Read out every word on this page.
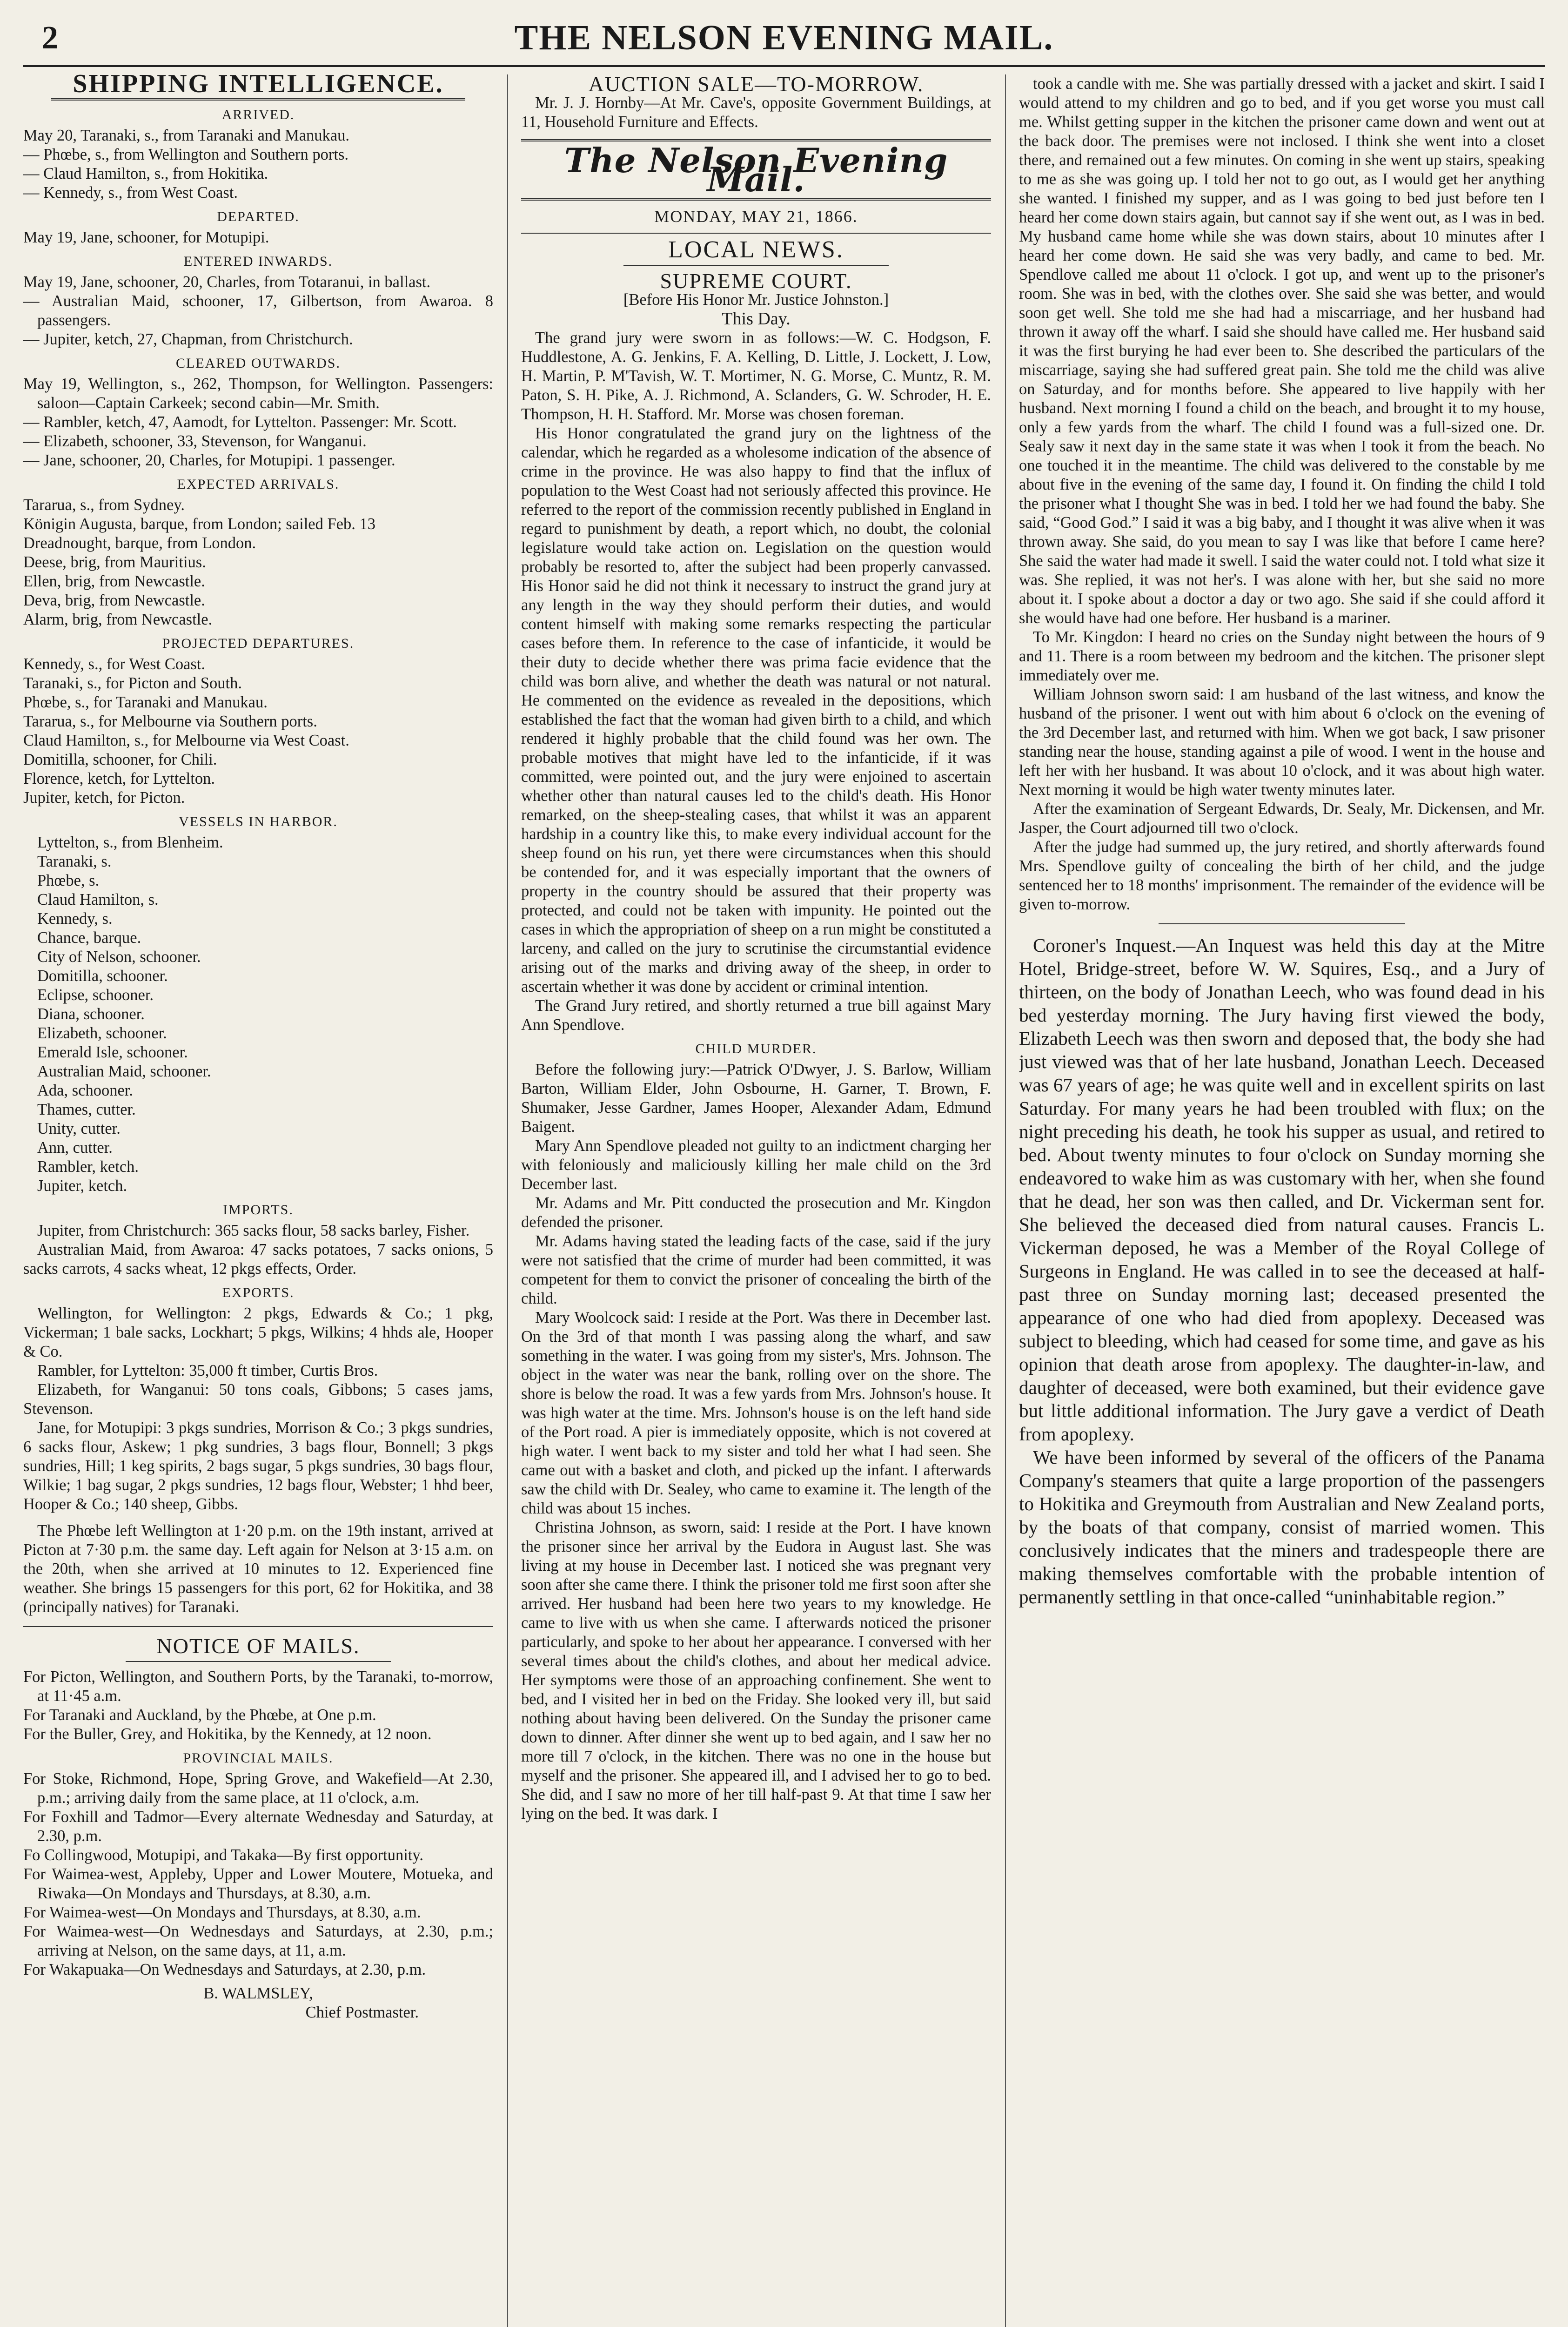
2	THE NELSON EVENING MAIL.
SHIPPING INTELLIGENCE.
ARRIVED.

May 20, Taranaki, s., from Taranaki and Manukau.

— Phœbe, s., from Wellington and Southern ports.

— Claud Hamilton, s., from Hokitika.

— Kennedy, s., from West Coast.

DEPARTED.

May 19, Jane, schooner, for Motupipi.

ENTERED INWARDS.

May 19, Jane, schooner, 20, Charles, from Totaranui, in ballast.

— Australian Maid, schooner, 17, Gilbertson, from Awaroa. 8 passengers.

— Jupiter, ketch, 27, Chapman, from Christchurch.

CLEARED OUTWARDS.

May 19, Wellington, s., 262, Thompson, for Wellington. Passengers: saloon—Captain Carkeek; second cabin—Mr. Smith.

— Rambler, ketch, 47, Aamodt, for Lyttelton. Passenger: Mr. Scott.

— Elizabeth, schooner, 33, Stevenson, for Wanganui.

— Jane, schooner, 20, Charles, for Motupipi. 1 passenger.

EXPECTED ARRIVALS.

Tararua, s., from Sydney.

Königin Augusta, barque, from London; sailed Feb. 13

Dreadnought, barque, from London.

Deese, brig, from Mauritius.

Ellen, brig, from Newcastle.

Deva, brig, from Newcastle.

Alarm, brig, from Newcastle.

PROJECTED DEPARTURES.

Kennedy, s., for West Coast.

Taranaki, s., for Picton and South.

Phœbe, s., for Taranaki and Manukau.

Tararua, s., for Melbourne via Southern ports.

Claud Hamilton, s., for Melbourne via West Coast.

Domitilla, schooner, for Chili.

Florence, ketch, for Lyttelton.

Jupiter, ketch, for Picton.

VESSELS IN HARBOR.

Lyttelton, s., from Blenheim.

Taranaki, s.

Phœbe, s.

Claud Hamilton, s.

Kennedy, s.

Chance, barque.

City of Nelson, schooner.

Domitilla, schooner.

Eclipse, schooner.

Diana, schooner.

Elizabeth, schooner.

Emerald Isle, schooner.

Australian Maid, schooner.

Ada, schooner.

Thames, cutter.

Unity, cutter.

Ann, cutter.

Rambler, ketch.

Jupiter, ketch.

IMPORTS.

Jupiter, from Christchurch: 365 sacks flour, 58 sacks barley, Fisher.

Australian Maid, from Awaroa: 47 sacks potatoes, 7 sacks onions, 5 sacks carrots, 4 sacks wheat, 12 pkgs effects, Order.

EXPORTS.

Wellington, for Wellington: 2 pkgs, Edwards & Co.; 1 pkg, Vickerman; 1 bale sacks, Lockhart; 5 pkgs, Wilkins; 4 hhds ale, Hooper & Co.

Rambler, for Lyttelton: 35,000 ft timber, Curtis Bros.

Elizabeth, for Wanganui: 50 tons coals, Gibbons; 5 cases jams, Stevenson.

Jane, for Motupipi: 3 pkgs sundries, Morrison & Co.; 3 pkgs sundries, 6 sacks flour, Askew; 1 pkg sundries, 3 bags flour, Bonnell; 3 pkgs sundries, Hill; 1 keg spirits, 2 bags sugar, 5 pkgs sundries, 30 bags flour, Wilkie; 1 bag sugar, 2 pkgs sundries, 12 bags flour, Webster; 1 hhd beer, Hooper & Co.; 140 sheep, Gibbs.

The Phœbe left Wellington at 1·20 p.m. on the 19th instant, arrived at Picton at 7·30 p.m. the same day. Left again for Nelson at 3·15 a.m. on the 20th, when she arrived at 10 minutes to 12. Experienced fine weather. She brings 15 passengers for this port, 62 for Hokitika, and 38 (principally natives) for Taranaki.

NOTICE OF MAILS.

For Picton, Wellington, and Southern Ports, by the Taranaki, to-morrow, at 11·45 a.m.

For Taranaki and Auckland, by the Phœbe, at One p.m.

For the Buller, Grey, and Hokitika, by the Kennedy, at 12 noon.

PROVINCIAL MAILS.

For Stoke, Richmond, Hope, Spring Grove, and Wakefield—At 2.30, p.m.; arriving daily from the same place, at 11 o'clock, a.m.

For Foxhill and Tadmor—Every alternate Wednesday and Saturday, at 2.30, p.m.

Fo Collingwood, Motupipi, and Takaka—By first opportunity.

For Waimea-west, Appleby, Upper and Lower Moutere, Motueka, and Riwaka—On Mondays and Thursdays, at 8.30, a.m.

For Waimea-west—On Mondays and Thursdays, at 8.30, a.m.

For Waimea-west—On Wednesdays and Saturdays, at 2.30, p.m.; arriving at Nelson, on the same days, at 11, a.m.

For Wakapuaka—On Wednesdays and Saturdays, at 2.30, p.m.

B. WALMSLEY,

Chief Postmaster.

AUCTION SALE—TO-MORROW.

Mr. J. J. Hornby—At Mr. Cave's, opposite Government Buildings, at 11, Household Furniture and Effects.

The Nelson Evening Mail.
MONDAY, MAY 21, 1866.
LOCAL NEWS.
SUPREME COURT.

[Before His Honor Mr. Justice Johnston.]

This Day.

The grand jury were sworn in as follows:—W. C. Hodgson, F. Huddlestone, A. G. Jenkins, F. A. Kelling, D. Little, J. Lockett, J. Low, H. Martin, P. M'Tavish, W. T. Mortimer, N. G. Morse, C. Muntz, R. M. Paton, S. H. Pike, A. J. Richmond, A. Sclanders, G. W. Schroder, H. E. Thompson, H. H. Stafford. Mr. Morse was chosen foreman.

His Honor congratulated the grand jury on the lightness of the calendar, which he regarded as a wholesome indication of the absence of crime in the province. He was also happy to find that the influx of population to the West Coast had not seriously affected this province. He referred to the report of the commission recently published in England in regard to punishment by death, a report which, no doubt, the colonial legislature would take action on. Legislation on the question would probably be resorted to, after the subject had been properly canvassed. His Honor said he did not think it necessary to instruct the grand jury at any length in the way they should perform their duties, and would content himself with making some remarks respecting the particular cases before them. In reference to the case of infanticide, it would be their duty to decide whether there was prima facie evidence that the child was born alive, and whether the death was natural or not natural. He commented on the evidence as revealed in the depositions, which established the fact that the woman had given birth to a child, and which rendered it highly probable that the child found was her own. The probable motives that might have led to the infanticide, if it was committed, were pointed out, and the jury were enjoined to ascertain whether other than natural causes led to the child's death. His Honor remarked, on the sheep-stealing cases, that whilst it was an apparent hardship in a country like this, to make every individual account for the sheep found on his run, yet there were circumstances when this should be contended for, and it was especially important that the owners of property in the country should be assured that their property was protected, and could not be taken with impunity. He pointed out the cases in which the appropriation of sheep on a run might be constituted a larceny, and called on the jury to scrutinise the circumstantial evidence arising out of the marks and driving away of the sheep, in order to ascertain whether it was done by accident or criminal intention.

The Grand Jury retired, and shortly returned a true bill against Mary Ann Spendlove.

CHILD MURDER.

Before the following jury:—Patrick O'Dwyer, J. S. Barlow, William Barton, William Elder, John Osbourne, H. Garner, T. Brown, F. Shumaker, Jesse Gardner, James Hooper, Alexander Adam, Edmund Baigent.

Mary Ann Spendlove pleaded not guilty to an indictment charging her with feloniously and maliciously killing her male child on the 3rd December last.

Mr. Adams and Mr. Pitt conducted the prosecution and Mr. Kingdon defended the prisoner.

Mr. Adams having stated the leading facts of the case, said if the jury were not satisfied that the crime of murder had been committed, it was competent for them to convict the prisoner of concealing the birth of the child.

Mary Woolcock said: I reside at the Port. Was there in December last. On the 3rd of that month I was passing along the wharf, and saw something in the water. I was going from my sister's, Mrs. Johnson. The object in the water was near the bank, rolling over on the shore. The shore is below the road. It was a few yards from Mrs. Johnson's house. It was high water at the time. Mrs. Johnson's house is on the left hand side of the Port road. A pier is immediately opposite, which is not covered at high water. I went back to my sister and told her what I had seen. She came out with a basket and cloth, and picked up the infant. I afterwards saw the child with Dr. Sealey, who came to examine it. The length of the child was about 15 inches.

Christina Johnson, as sworn, said: I reside at the Port. I have known the prisoner since her arrival by the Eudora in August last. She was living at my house in December last. I noticed she was pregnant very soon after she came there. I think the prisoner told me first soon after she arrived. Her husband had been here two years to my knowledge. He came to live with us when she came. I afterwards noticed the prisoner particularly, and spoke to her about her appearance. I conversed with her several times about the child's clothes, and about her medical advice. Her symptoms were those of an approaching confinement. She went to bed, and I visited her in bed on the Friday. She looked very ill, but said nothing about having been delivered. On the Sunday the prisoner came down to dinner. After dinner she went up to bed again, and I saw her no more till 7 o'clock, in the kitchen. There was no one in the house but myself and the prisoner. She appeared ill, and I advised her to go to bed. She did, and I saw no more of her till half-past 9. At that time I saw her lying on the bed. It was dark. I

took a candle with me. She was partially dressed with a jacket and skirt. I said I would attend to my children and go to bed, and if you get worse you must call me. Whilst getting supper in the kitchen the prisoner came down and went out at the back door. The premises were not inclosed. I think she went into a closet there, and remained out a few minutes. On coming in she went up stairs, speaking to me as she was going up. I told her not to go out, as I would get her anything she wanted. I finished my supper, and as I was going to bed just before ten I heard her come down stairs again, but cannot say if she went out, as I was in bed. My husband came home while she was down stairs, about 10 minutes after I heard her come down. He said she was very badly, and came to bed. Mr. Spendlove called me about 11 o'clock. I got up, and went up to the prisoner's room. She was in bed, with the clothes over. She said she was better, and would soon get well. She told me she had had a miscarriage, and her husband had thrown it away off the wharf. I said she should have called me. Her husband said it was the first burying he had ever been to. She described the particulars of the miscarriage, saying she had suffered great pain. She told me the child was alive on Saturday, and for months before. She appeared to live happily with her husband. Next morning I found a child on the beach, and brought it to my house, only a few yards from the wharf. The child I found was a full-sized one. Dr. Sealy saw it next day in the same state it was when I took it from the beach. No one touched it in the meantime. The child was delivered to the constable by me about five in the evening of the same day, I found it. On finding the child I told the prisoner what I thought She was in bed. I told her we had found the baby. She said, “Good God.” I said it was a big baby, and I thought it was alive when it was thrown away. She said, do you mean to say I was like that before I came here? She said the water had made it swell. I said the water could not. I told what size it was. She replied, it was not her's. I was alone with her, but she said no more about it. I spoke about a doctor a day or two ago. She said if she could afford it she would have had one before. Her husband is a mariner.

To Mr. Kingdon: I heard no cries on the Sunday night between the hours of 9 and 11. There is a room between my bedroom and the kitchen. The prisoner slept immediately over me.

William Johnson sworn said: I am husband of the last witness, and know the husband of the prisoner. I went out with him about 6 o'clock on the evening of the 3rd December last, and returned with him. When we got back, I saw prisoner standing near the house, standing against a pile of wood. I went in the house and left her with her husband. It was about 10 o'clock, and it was about high water. Next morning it would be high water twenty minutes later.

After the examination of Sergeant Edwards, Dr. Sealy, Mr. Dickensen, and Mr. Jasper, the Court adjourned till two o'clock.

After the judge had summed up, the jury retired, and shortly afterwards found Mrs. Spendlove guilty of concealing the birth of her child, and the judge sentenced her to 18 months' imprisonment. The remainder of the evidence will be given to-morrow.

Coroner's Inquest.—An Inquest was held this day at the Mitre Hotel, Bridge-street, before W. W. Squires, Esq., and a Jury of thirteen, on the body of Jonathan Leech, who was found dead in his bed yesterday morning. The Jury having first viewed the body, Elizabeth Leech was then sworn and deposed that, the body she had just viewed was that of her late husband, Jonathan Leech. Deceased was 67 years of age; he was quite well and in excellent spirits on last Saturday. For many years he had been troubled with flux; on the night preceding his death, he took his supper as usual, and retired to bed. About twenty minutes to four o'clock on Sunday morning she endeavored to wake him as was customary with her, when she found that he dead, her son was then called, and Dr. Vickerman sent for. She believed the deceased died from natural causes. Francis L. Vickerman deposed, he was a Member of the Royal College of Surgeons in England. He was called in to see the deceased at half-past three on Sunday morning last; deceased presented the appearance of one who had died from apoplexy. Deceased was subject to bleeding, which had ceased for some time, and gave as his opinion that death arose from apoplexy. The daughter-in-law, and daughter of deceased, were both examined, but their evidence gave but little additional information. The Jury gave a verdict of Death from apoplexy.

We have been informed by several of the officers of the Panama Company's steamers that quite a large proportion of the passengers to Hokitika and Greymouth from Australian and New Zealand ports, by the boats of that company, consist of married women. This conclusively indicates that the miners and tradespeople there are making themselves comfortable with the probable intention of permanently settling in that once-called “uninhabitable region.”
